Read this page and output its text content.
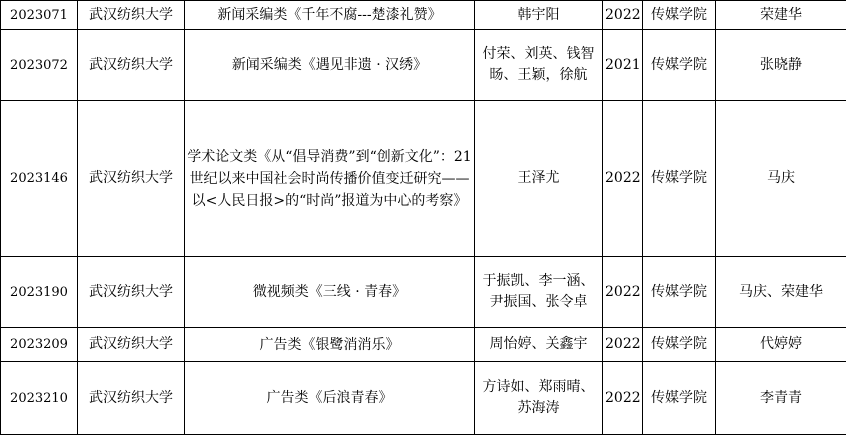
2023071	武汉纺织大学	新闻采编类《千年不腐---楚漆礼赞》	韩宇阳	2022	传媒学院	荣建华
2023072	武汉纺织大学	新闻采编类《遇见非遗 · 汉绣》	付荣、刘英、钱智旸、王颖，徐航	2021	传媒学院	张晓静
2023146	武汉纺织大学	学术论文类《从“倡导消费”到“创新文化”：21 世纪以来中国社会时尚传播价值变迁研究——以<人民日报>的“时尚”报道为中心的考察》	王泽尤	2022	传媒学院	马庆
2023190	武汉纺织大学	微视频类《三线 · 青春》	于振凯、李一涵、尹振国、张令卓	2022	传媒学院	马庆、荣建华
2023209	武汉纺织大学	广告类《银鹭消消乐》	周怡婷、关鑫宇	2022	传媒学院	代婷婷
2023210	武汉纺织大学	广告类《后浪青春》	方诗如、郑雨晴、苏海涛	2022	传媒学院	李青青
